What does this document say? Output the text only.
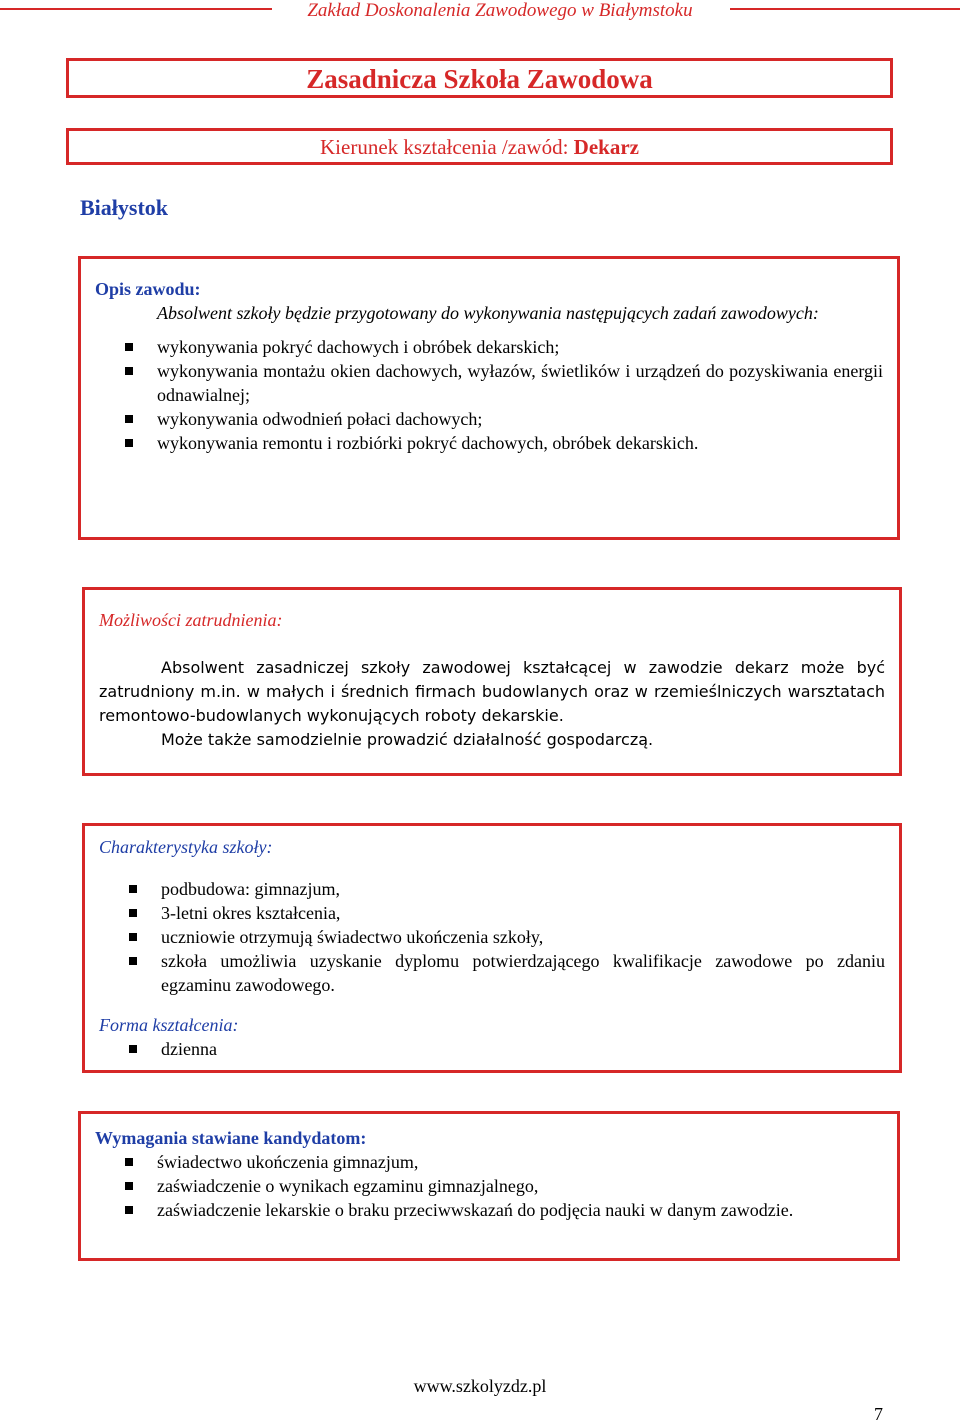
Zakład Doskonalenia Zawodowego w Białymstoku
Zasadnicza Szkoła Zawodowa
Kierunek kształcenia /zawód: Dekarz
Białystok
Opis zawodu:
Absolwent szkoły będzie przygotowany do wykonywania następujących zadań zawodowych:
wykonywania pokryć dachowych i obróbek dekarskich;
wykonywania montażu okien dachowych, wyłazów, świetlików i urządzeń do pozyskiwania energii odnawialnej;
wykonywania odwodnień połaci dachowych;
wykonywania remontu i rozbiórki pokryć dachowych, obróbek dekarskich.
Możliwości zatrudnienia:
Absolwent zasadniczej szkoły zawodowej kształcącej w zawodzie dekarz może być zatrudniony m.in. w małych i średnich firmach budowlanych oraz w rzemieślniczych warsztatach remontowo-budowlanych wykonujących roboty dekarskie.
Może także samodzielnie prowadzić działalność gospodarczą.
Charakterystyka szkoły:
podbudowa: gimnazjum,
3-letni okres kształcenia,
uczniowie otrzymują świadectwo ukończenia szkoły,
szkoła umożliwia uzyskanie dyplomu potwierdzającego kwalifikacje zawodowe po zdaniu egzaminu zawodowego.
Forma kształcenia:
dzienna
Wymagania stawiane kandydatom:
świadectwo ukończenia gimnazjum,
zaświadczenie o wynikach egzaminu gimnazjalnego,
zaświadczenie lekarskie o braku przeciwwskazań do podjęcia nauki w danym zawodzie.
www.szkolyzdz.pl
7
